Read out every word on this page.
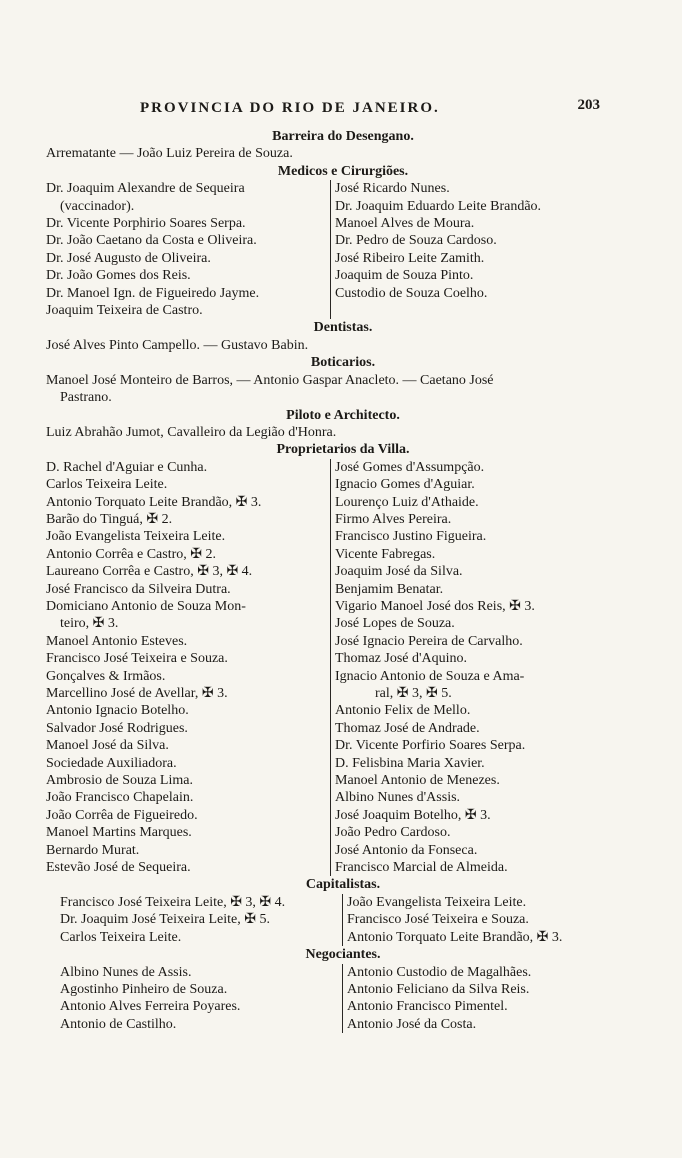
PROVINCIA DO RIO DE JANEIRO.	203

Barreira do Desengano.

Arrematante — João Luiz Pereira de Souza.

Medicos e Cirurgiões.

Dr. Joaquim Alexandre de Sequeira
(vaccinador).
Dr. Vicente Porphirio Soares Serpa.
Dr. João Caetano da Costa e Oliveira.
Dr. José Augusto de Oliveira.
Dr. João Gomes dos Reis.
Dr. Manoel Ign. de Figueiredo Jayme.
Joaquim Teixeira de Castro.
José Ricardo Nunes.
Dr. Joaquim Eduardo Leite Brandão.
Manoel Alves de Moura.
Dr. Pedro de Souza Cardoso.
José Ribeiro Leite Zamith.
Joaquim de Souza Pinto.
Custodio de Souza Coelho.

Dentistas.

José Alves Pinto Campello. — Gustavo Babin.

Boticarios.

Manoel José Monteiro de Barros, — Antonio Gaspar Anacleto. — Caetano José

Pastrano.

Piloto e Architecto.

Luiz Abrahão Jumot, Cavalleiro da Legião d'Honra.

Proprietarios da Villa.

D. Rachel d'Aguiar e Cunha.
Carlos Teixeira Leite.
Antonio Torquato Leite Brandão, ✠ 3.
Barão do Tinguá, ✠ 2.
João Evangelista Teixeira Leite.
Antonio Corrêa e Castro, ✠ 2.
Laureano Corrêa e Castro, ✠ 3, ✠ 4.
José Francisco da Silveira Dutra.
Domiciano Antonio de Souza Mon-
teiro, ✠ 3.
Manoel Antonio Esteves.
Francisco José Teixeira e Souza.
Gonçalves & Irmãos.
Marcellino José de Avellar, ✠ 3.
Antonio Ignacio Botelho.
Salvador José Rodrigues.
Manoel José da Silva.
Sociedade Auxiliadora.
Ambrosio de Souza Lima.
João Francisco Chapelain.
João Corrêa de Figueiredo.
Manoel Martins Marques.
Bernardo Murat.
Estevão José de Sequeira.
José Gomes d'Assumpção.
Ignacio Gomes d'Aguiar.
Lourenço Luiz d'Athaide.
Firmo Alves Pereira.
Francisco Justino Figueira.
Vicente Fabregas.
Joaquim José da Silva.
Benjamim Benatar.
Vigario Manoel José dos Reis, ✠ 3.
José Lopes de Souza.
José Ignacio Pereira de Carvalho.
Thomaz José d'Aquino.
Ignacio Antonio de Souza e Ama-
ral, ✠ 3, ✠ 5.
Antonio Felix de Mello.
Thomaz José de Andrade.
Dr. Vicente Porfirio Soares Serpa.
D. Felisbina Maria Xavier.
Manoel Antonio de Menezes.
Albino Nunes d'Assis.
José Joaquim Botelho, ✠ 3.
João Pedro Cardoso.
José Antonio da Fonseca.
Francisco Marcial de Almeida.

Capitalistas.

Francisco José Teixeira Leite, ✠ 3, ✠ 4.
Dr. Joaquim José Teixeira Leite, ✠ 5.
Carlos Teixeira Leite.
João Evangelista Teixeira Leite.
Francisco José Teixeira e Souza.
Antonio Torquato Leite Brandão, ✠ 3.

Negociantes.

Albino Nunes de Assis.
Agostinho Pinheiro de Souza.
Antonio Alves Ferreira Poyares.
Antonio de Castilho.
Antonio Custodio de Magalhães.
Antonio Feliciano da Silva Reis.
Antonio Francisco Pimentel.
Antonio José da Costa.
